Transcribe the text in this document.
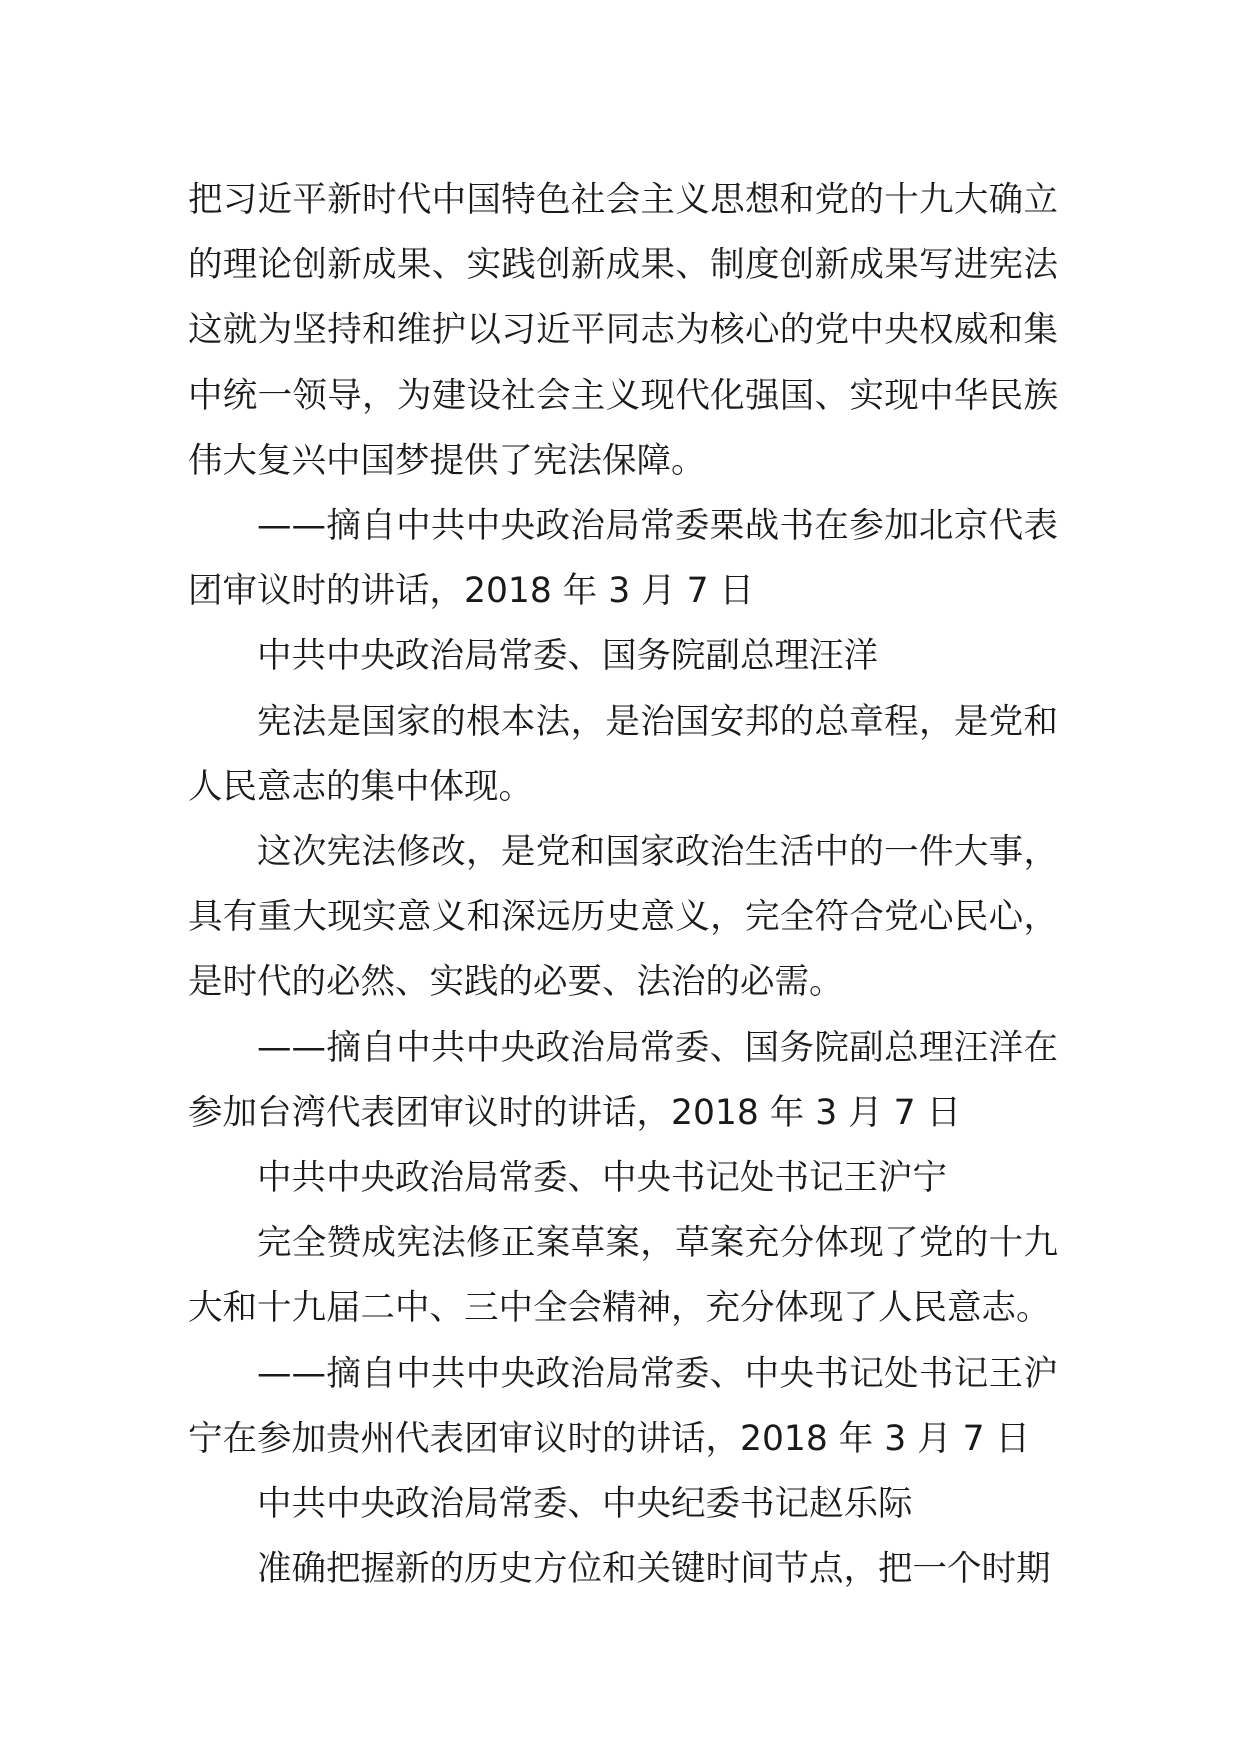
把习近平新时代中国特色社会主义思想和党的十九大确立的理论创新成果、实践创新成果、制度创新成果写进宪法这就为坚持和维护以习近平同志为核心的党中央权威和集中统一领导，为建设社会主义现代化强国、实现中华民族伟大复兴中国梦提供了宪法保障。

——摘自中共中央政治局常委栗战书在参加北京代表团审议时的讲话，2018 年 3 月 7 日

中共中央政治局常委、国务院副总理汪洋

宪法是国家的根本法，是治国安邦的总章程，是党和人民意志的集中体现。

这次宪法修改，是党和国家政治生活中的一件大事，具有重大现实意义和深远历史意义，完全符合党心民心，是时代的必然、实践的必要、法治的必需。

——摘自中共中央政治局常委、国务院副总理汪洋在参加台湾代表团审议时的讲话，2018 年 3 月 7 日

中共中央政治局常委、中央书记处书记王沪宁

完全赞成宪法修正案草案，草案充分体现了党的十九大和十九届二中、三中全会精神，充分体现了人民意志。

——摘自中共中央政治局常委、中央书记处书记王沪宁在参加贵州代表团审议时的讲话，2018 年 3 月 7 日

中共中央政治局常委、中央纪委书记赵乐际

准确把握新的历史方位和关键时间节点，把一个时期
